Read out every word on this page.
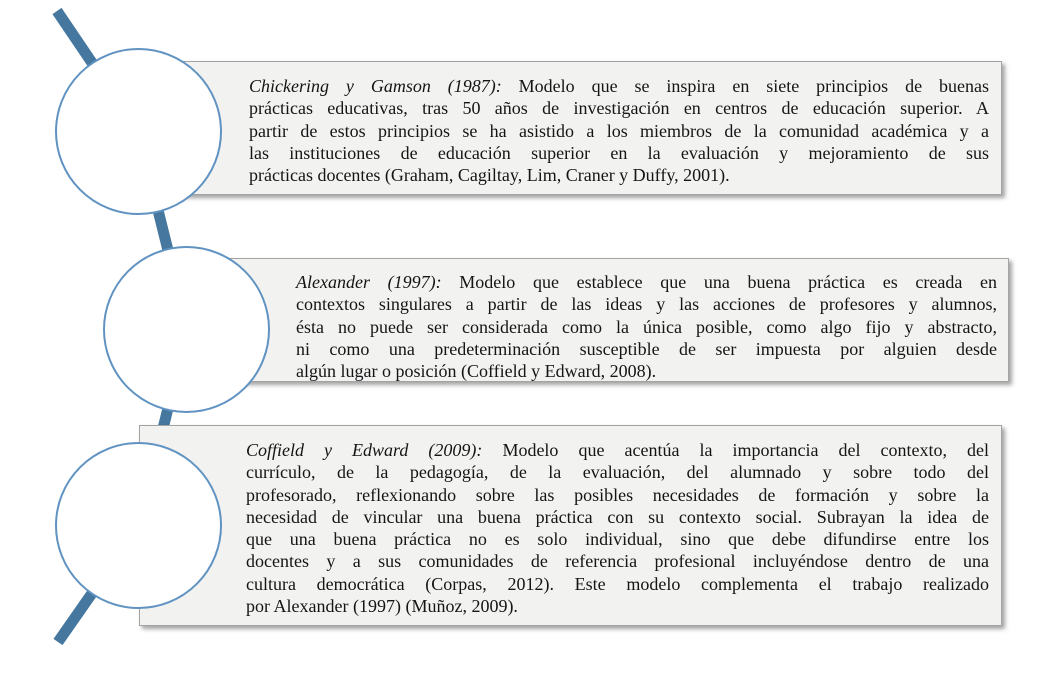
Chickering y Gamson (1987): Modelo que se inspira en siete principios de buenas
prácticas educativas, tras 50 años de investigación en centros de educación superior. A
partir de estos principios se ha asistido a los miembros de la comunidad académica y a
las instituciones de educación superior en la evaluación y mejoramiento de sus
prácticas docentes (Graham, Cagiltay, Lim, Craner y Duffy, 2001).
Alexander (1997): Modelo que establece que una buena práctica es creada en
contextos singulares a partir de las ideas y las acciones de profesores y alumnos,
ésta no puede ser considerada como la única posible, como algo fijo y abstracto,
ni como una predeterminación susceptible de ser impuesta por alguien desde
algún lugar o posición (Coffield y Edward, 2008).
Coffield y Edward (2009): Modelo que acentúa la importancia del contexto, del
currículo, de la pedagogía, de la evaluación, del alumnado y sobre todo del
profesorado, reflexionando sobre las posibles necesidades de formación y sobre la
necesidad de vincular una buena práctica con su contexto social. Subrayan la idea de
que una buena práctica no es solo individual, sino que debe difundirse entre los
docentes y a sus comunidades de referencia profesional incluyéndose dentro de una
cultura democrática (Corpas, 2012). Este modelo complementa el trabajo realizado
por Alexander (1997) (Muñoz, 2009).
